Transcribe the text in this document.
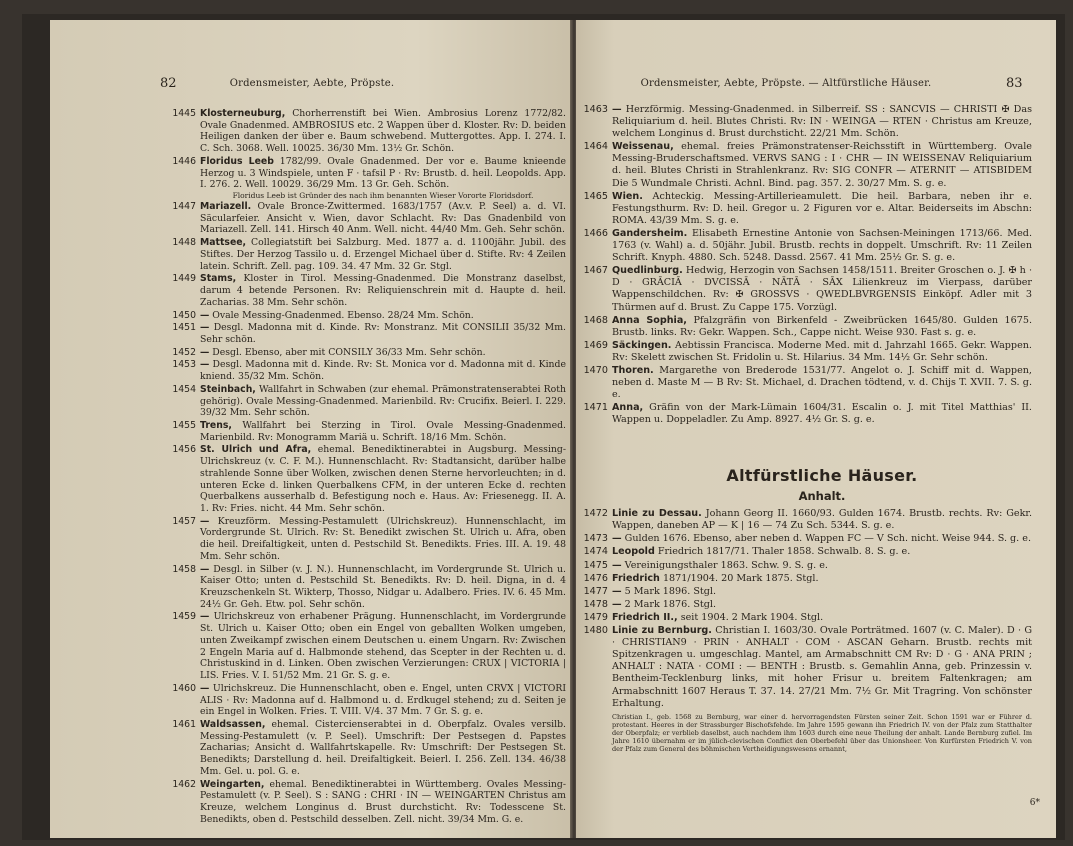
82	Ordensmeister, Aebte, Pröpste.
1445 Klosterneuburg, Chorherrenstift bei Wien. Ambrosius Lorenz 1772/82. Ovale Gnadenmed. AMBROSIUS etc. 2 Wappen über d. Kloster. Rv: D. beiden Heiligen danken der über e. Baum schwebend. Muttergottes. App. I. 274. I. C. Sch. 3068. Well. 10025. 36/30 Mm. 13½ Gr. Schön.
1446 Floridus Leeb 1782/99. Ovale Gnadenmed. Der vor e. Baume knieende Herzog u. 3 Windspiele, unten F · tafsil P · Rv: Brustb. d. heil. Leopolds. App. I. 276. 2. Well. 10029. 36/29 Mm. 13 Gr. Geh. Schön.
Floridus Leeb ist Gründer des nach ihm benannten Wieser Vororte Floridsdorf.
1447 Mariazell. Ovale Bronce-Zwittermed. 1683/1757 (Av.v. P. Seel) a. d. VI. Säcularfeier. Ansicht v. Wien, davor Schlacht. Rv: Das Gnadenbild von Mariazell. Zell. 141. Hirsch 40 Anm. Well. nicht. 44/40 Mm. Geh. Sehr schön.
1448 Mattsee, Collegiatstift bei Salzburg. Med. 1877 a. d. 1100jähr. Jubil. des Stiftes. Der Herzog Tassilo u. d. Erzengel Michael über d. Stifte. Rv: 4 Zeilen latein. Schrift. Zell. pag. 109. 34. 47 Mm. 32 Gr. Stgl.
1449 Stams, Kloster in Tirol. Messing-Gnadenmed. Die Monstranz daselbst, darum 4 betende Personen. Rv: Reliquienschrein mit d. Haupte d. heil. Zacharias. 38 Mm. Sehr schön.
1450 — Ovale Messing-Gnadenmed. Ebenso. 28/24 Mm. Schön.
1451 — Desgl. Madonna mit d. Kinde. Rv: Monstranz. Mit CONSILII 35/32 Mm. Sehr schön.
1452 — Desgl. Ebenso, aber mit CONSILY 36/33 Mm. Sehr schön.
1453 — Desgl. Madonna mit d. Kinde. Rv: St. Monica vor d. Madonna mit d. Kinde kniend. 35/32 Mm. Schön.
1454 Steinbach, Wallfahrt in Schwaben (zur ehemal. Prämonstratenserabtei Roth gehörig). Ovale Messing-Gnadenmed. Marienbild. Rv: Crucifix. Beierl. I. 229. 39/32 Mm. Sehr schön.
1455 Trens, Wallfahrt bei Sterzing in Tirol. Ovale Messing-Gnadenmed. Marienbild. Rv: Monogramm Mariä u. Schrift. 18/16 Mm. Schön.
1456 St. Ulrich und Afra, ehemal. Benediktinerabtei in Augsburg. Messing-Ulrichskreuz (v. C. F. M.). Hunnenschlacht. Rv: Stadtansicht, darüber halbe strahlende Sonne über Wolken, zwischen denen Sterne hervorleuchten; in d. unteren Ecke d. linken Querbalkens CFM, in der unteren Ecke d. rechten Querbalkens ausserhalb d. Befestigung noch e. Haus. Av: Friesenegg. II. A. 1. Rv: Fries. nicht. 44 Mm. Sehr schön.
1457 — Kreuzförm. Messing-Pestamulett (Ulrichskreuz). Hunnenschlacht, im Vordergrunde St. Ulrich. Rv: St. Benedikt zwischen St. Ulrich u. Afra, oben die heil. Dreifaltigkeit, unten d. Pestschild St. Benedikts. Fries. III. A. 19. 48 Mm. Sehr schön.
1458 — Desgl. in Silber (v. J. N.). Hunnenschlacht, im Vordergrunde St. Ulrich u. Kaiser Otto; unten d. Pestschild St. Benedikts. Rv: D. heil. Digna, in d. 4 Kreuzschenkeln St. Wikterp, Thosso, Nidgar u. Adalbero. Fries. IV. 6. 45 Mm. 24½ Gr. Geh. Etw. pol. Sehr schön.
1459 — Ulrichskreuz von erhabener Prägung. Hunnenschlacht, im Vordergrunde St. Ulrich u. Kaiser Otto; oben ein Engel von geballten Wolken umgeben, unten Zweikampf zwischen einem Deutschen u. einem Ungarn. Rv: Zwischen 2 Engeln Maria auf d. Halbmonde stehend, das Scepter in der Rechten u. d. Christuskind in d. Linken. Oben zwischen Verzierungen: CRUX | VICTORIA | LIS. Fries. V. I. 51/52 Mm. 21 Gr. S. g. e.
1460 — Ulrichskreuz. Die Hunnenschlacht, oben e. Engel, unten CRVX | VICTORI ALIS · Rv: Madonna auf d. Halbmond u. d. Erdkugel stehend; zu d. Seiten je ein Engel in Wolken. Fries. T. VIII. V/4. 37 Mm. 7 Gr. S. g. e.
1461 Waldsassen, ehemal. Cistercienserabtei in d. Oberpfalz. Ovales versilb. Messing-Pestamulett (v. P. Seel). Umschrift: Der Pestsegen d. Papstes Zacharias; Ansicht d. Wallfahrtskapelle. Rv: Umschrift: Der Pestsegen St. Benedikts; Darstellung d. heil. Dreifaltigkeit. Beierl. I. 256. Zell. 134. 46/38 Mm. Gel. u. pol. G. e.
1462 Weingarten, ehemal. Benediktinerabtei in Württemberg. Ovales Messing-Pestamulett (v. P. Seel). S : SANG : CHRI · IN — WEINGARTEN Christus am Kreuze, welchem Longinus d. Brust durchsticht. Rv: Todesscene St. Benedikts, oben d. Pestschild desselben. Zell. nicht. 39/34 Mm. G. e.
Ordensmeister, Aebte, Pröpste. — Altfürstliche Häuser.	83
1463 — Herzförmig. Messing-Gnadenmed. in Silberreif. SS : SANCVIS — CHRISTI ✠ Das Reliquiarium d. heil. Blutes Christi. Rv: IN · WEINGA — RTEN · Christus am Kreuze, welchem Longinus d. Brust durchsticht. 22/21 Mm. Schön.
1464 Weissenau, ehemal. freies Prämonstratenser-Reichsstift in Württemberg. Ovale Messing-Bruderschaftsmed. VERVS SANG : I · CHR — IN WEISSENAV Reliquiarium d. heil. Blutes Christi in Strahlenkranz. Rv: SIG CONFR — ATERNIT — ATISBIDEM Die 5 Wundmale Christi. Achnl. Bind. pag. 357. 2. 30/27 Mm. S. g. e.
1465 Wien. Achteckig. Messing-Artillerieamulett. Die heil. Barbara, neben ihr e. Festungsthurm. Rv: D. heil. Gregor u. 2 Figuren vor e. Altar. Beiderseits im Abschn: ROMA. 43/39 Mm. S. g. e.
1466 Gandersheim. Elisabeth Ernestine Antonie von Sachsen-Meiningen 1713/66. Med. 1763 (v. Wahl) a. d. 50jähr. Jubil. Brustb. rechts in doppelt. Umschrift. Rv: 11 Zeilen Schrift. Knyph. 4880. Sch. 5248. Dassd. 2567. 41 Mm. 25½ Gr. S. g. e.
1467 Quedlinburg. Hedwig, Herzogin von Sachsen 1458/1511. Breiter Groschen o. J. ✠ h · D · GRĀCIĀ · DVCISSĀ · NĀTĀ · SĀX Lilienkreuz im Vierpass, darüber Wappenschildchen. Rv: ✠ GROSSVS · QWEDLBVRGENSIS Einköpf. Adler mit 3 Thürmen auf d. Brust. Zu Cappe 175. Vorzügl.
1468 Anna Sophia, Pfalzgräfin von Birkenfeld - Zweibrücken 1645/80. Gulden 1675. Brustb. links. Rv: Gekr. Wappen. Sch., Cappe nicht. Weise 930. Fast s. g. e.
1469 Säckingen. Aebtissin Francisca. Moderne Med. mit d. Jahrzahl 1665. Gekr. Wappen. Rv: Skelett zwischen St. Fridolin u. St. Hilarius. 34 Mm. 14½ Gr. Sehr schön.
1470 Thoren. Margarethe von Brederode 1531/77. Angelot o. J. Schiff mit d. Wappen, neben d. Maste M — B Rv: St. Michael, d. Drachen tödtend, v. d. Chijs T. XVII. 7. S. g. e.
1471 Anna, Gräfin von der Mark-Lümain 1604/31. Escalin o. J. mit Titel Matthias' II. Wappen u. Doppeladler. Zu Amp. 8927. 4½ Gr. S. g. e.
Altfürstliche Häuser.
Anhalt.
1472 Linie zu Dessau. Johann Georg II. 1660/93. Gulden 1674. Brustb. rechts. Rv: Gekr. Wappen, daneben AP — K | 16 — 74 Zu Sch. 5344. S. g. e.
1473 — Gulden 1676. Ebenso, aber neben d. Wappen FC — V Sch. nicht. Weise 944. S. g. e.
1474 Leopold Friedrich 1817/71. Thaler 1858. Schwalb. 8. S. g. e.
1475 — Vereinigungsthaler 1863. Schw. 9. S. g. e.
1476 Friedrich 1871/1904. 20 Mark 1875. Stgl.
1477 — 5 Mark 1896. Stgl.
1478 — 2 Mark 1876. Stgl.
1479 Friedrich II., seit 1904. 2 Mark 1904. Stgl.
1480 Linie zu Bernburg. Christian I. 1603/30. Ovale Porträtmed. 1607 (v. C. Maler). D · G · CHRISTIAN9 · PRIN · ANHALT · COM · ASCAN Geharn. Brustb. rechts mit Spitzenkragen u. umgeschlag. Mantel, am Armabschnitt CM Rv: D · G · ANA PRIN ; ANHALT : NATA · COMI : — BENTH : Brustb. s. Gemahlin Anna, geb. Prinzessin v. Bentheim-Tecklenburg links, mit hoher Frisur u. breitem Faltenkragen; am Armabschnitt 1607 Heraus T. 37. 14. 27/21 Mm. 7½ Gr. Mit Tragring. Von schönster Erhaltung.
Christian I., geb. 1568 zu Bernburg, war einer d. hervorragendsten Fürsten seiner Zeit. Schon 1591 war er Führer d. protestant. Heeres in der Strassburger Bischofsfehde. Im Jahre 1595 gewann ihn Friedrich IV. von der Pfalz zum Statthalter der Oberpfalz; er verblieb daselbst, auch nachdem ihm 1603 durch eine neue Theilung der anhalt. Lande Bernburg zufiel. Im Jahre 1610 übernahm er im jülich-clevischen Conflict den Oberbefehl über das Unionsheer. Von Kurfürsten Friedrich V. von der Pfalz zum General des böhmischen Vertheidigungswesens ernannt,
6*
